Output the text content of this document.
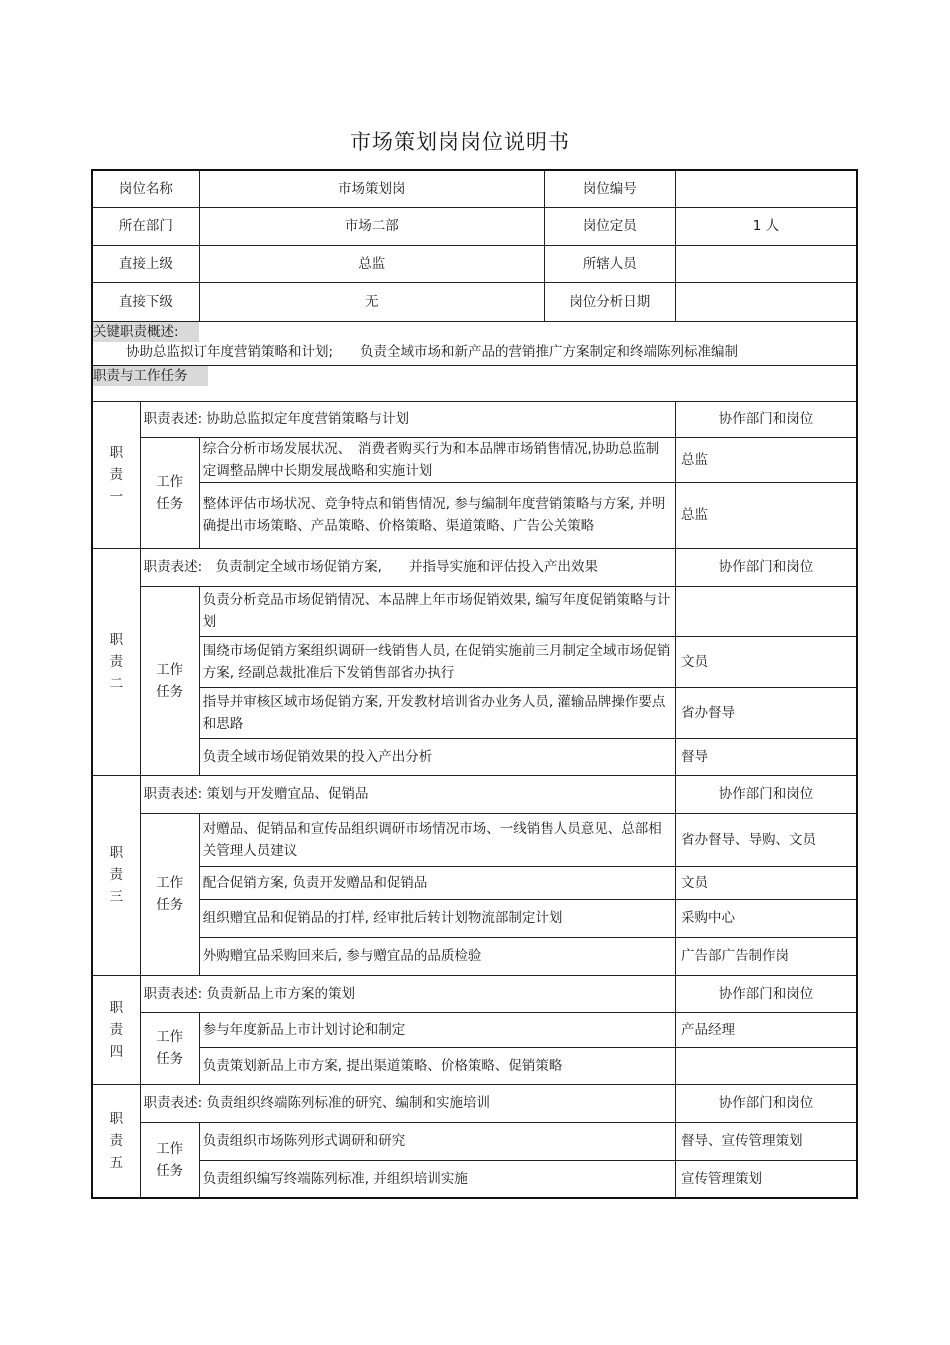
市场策划岗岗位说明书
岗位名称		市场策划岗	岗位编号	
所在部门		市场二部	岗位定员	1 人
直接上级		总监	所辖人员	
直接下级		无	岗位分析日期	

关键职责概述:
协助总监拟订年度营销策略和计划;　　负责全域市场和新产品的营销推广方案制定和终端陈列标准编制				

职责与工作任务				
职
责
一	职责表述: 协助总监拟定年度营销策略与计划			协作部门和岗位
	工作
任务	综合分析市场发展状况、　消费者购买行为和本品牌市场销售情况,协助总监制定调整品牌中长期发展战略和实施计划		总监
		整体评估市场状况、竞争特点和销售情况, 参与编制年度营销策略与方案, 并明确提出市场策略、产品策略、价格策略、渠道策略、广告公关策略		总监
职
责
二	职责表述:　负责制定全域市场促销方案,　　并指导实施和评估投入产出效果			协作部门和岗位
	工作
任务	负责分析竞品市场促销情况、本品牌上年市场促销效果, 编写年度促销策略与计划		
		围绕市场促销方案组织调研一线销售人员, 在促销实施前三月制定全域市场促销方案, 经副总裁批准后下发销售部省办执行		文员
		指导并审核区域市场促销方案, 开发教材培训省办业务人员, 灌输品牌操作要点和思路		省办督导
		负责全域市场促销效果的投入产出分析		督导
职
责
三	职责表述: 策划与开发赠宜品、促销品			协作部门和岗位
	工作
任务	对赠品、促销品和宣传品组织调研市场情况市场、一线销售人员意见、总部相关管理人员建议		省办督导、导购、文员
		配合促销方案, 负责开发赠品和促销品		文员
		组织赠宜品和促销品的打样, 经审批后转计划物流部制定计划		采购中心
		外购赠宜品采购回来后, 参与赠宜品的品质检验		广告部广告制作岗
职
责
四	职责表述: 负责新品上市方案的策划			协作部门和岗位
	工作
任务	参与年度新品上市计划讨论和制定		产品经理
		负责策划新品上市方案, 提出渠道策略、价格策略、促销策略		
职
责
五	职责表述: 负责组织终端陈列标准的研究、编制和实施培训			协作部门和岗位
	工作
任务	负责组织市场陈列形式调研和研究		督导、宣传管理策划
		负责组织编写终端陈列标准, 并组织培训实施		宣传管理策划
